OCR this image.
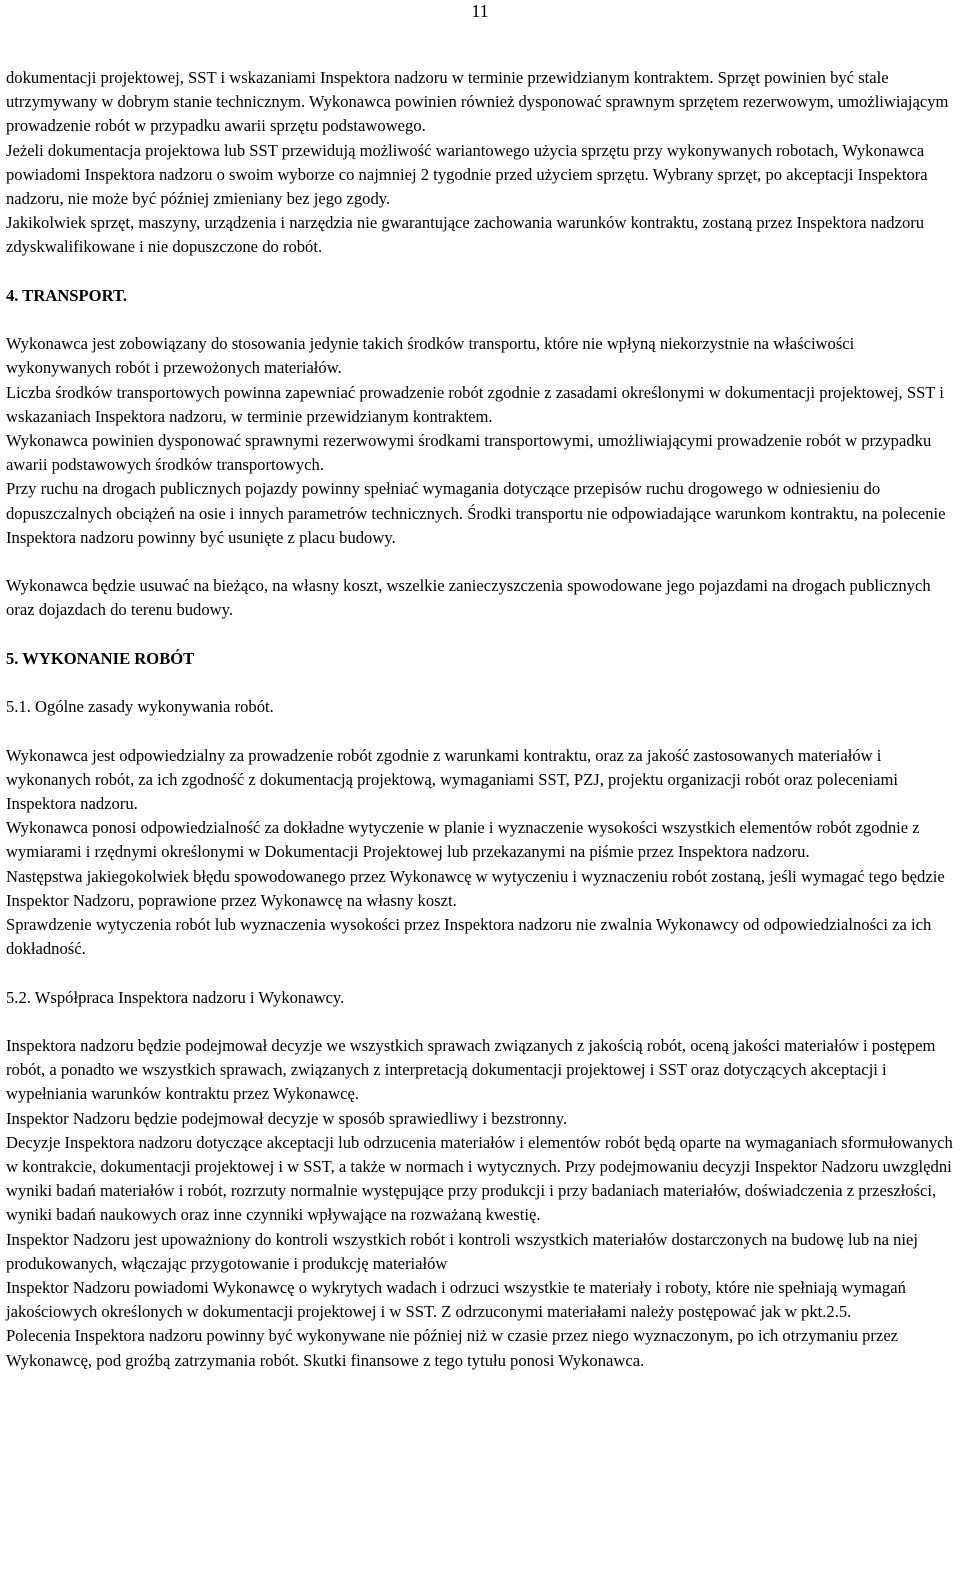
11

dokumentacji projektowej, SST i wskazaniami Inspektora nadzoru w terminie przewidzianym kontraktem. Sprzęt powinien być stale utrzymywany w dobrym stanie technicznym. Wykonawca powinien również dysponować sprawnym sprzętem rezerwowym, umożliwiającym prowadzenie robót w przypadku awarii sprzętu podstawowego.

Jeżeli dokumentacja projektowa lub SST przewidują możliwość wariantowego użycia sprzętu przy wykonywanych robotach, Wykonawca powiadomi Inspektora nadzoru o swoim wyborze co najmniej 2 tygodnie przed użyciem sprzętu. Wybrany sprzęt, po akceptacji Inspektora nadzoru, nie może być później zmieniany bez jego zgody.

Jakikolwiek sprzęt, maszyny, urządzenia i narzędzia nie gwarantujące zachowania warunków kontraktu, zostaną przez Inspektora nadzoru zdyskwalifikowane i nie dopuszczone do robót.

4. TRANSPORT.

Wykonawca jest zobowiązany do stosowania jedynie takich środków transportu, które nie wpłyną niekorzystnie na właściwości wykonywanych robót i przewożonych materiałów.

Liczba środków transportowych powinna zapewniać prowadzenie robót zgodnie z zasadami określonymi w dokumentacji projektowej, SST i wskazaniach Inspektora nadzoru, w terminie przewidzianym kontraktem.

Wykonawca powinien dysponować sprawnymi rezerwowymi środkami transportowymi, umożliwiającymi prowadzenie robót w przypadku awarii podstawowych środków transportowych.

Przy ruchu na drogach publicznych pojazdy powinny spełniać wymagania dotyczące przepisów ruchu drogowego w odniesieniu do dopuszczalnych obciążeń na osie i innych parametrów technicznych. Środki transportu nie odpowiadające warunkom kontraktu, na polecenie Inspektora nadzoru powinny być usunięte z placu budowy.

Wykonawca będzie usuwać na bieżąco, na własny koszt, wszelkie zanieczyszczenia spowodowane jego pojazdami na drogach publicznych oraz dojazdach do terenu budowy.

5. WYKONANIE ROBÓT

5.1. Ogólne zasady wykonywania robót.

Wykonawca jest odpowiedzialny za prowadzenie robót zgodnie z warunkami kontraktu, oraz za jakość zastosowanych materiałów i wykonanych robót, za ich zgodność z dokumentacją projektową, wymaganiami SST, PZJ, projektu organizacji robót oraz poleceniami Inspektora nadzoru.

Wykonawca ponosi odpowiedzialność za dokładne wytyczenie w planie i wyznaczenie wysokości wszystkich elementów robót zgodnie z wymiarami i rzędnymi określonymi w Dokumentacji Projektowej lub przekazanymi na piśmie przez Inspektora nadzoru.

Następstwa jakiegokolwiek błędu spowodowanego przez Wykonawcę w wytyczeniu i wyznaczeniu robót zostaną, jeśli wymagać tego będzie Inspektor Nadzoru, poprawione przez Wykonawcę na własny koszt.

Sprawdzenie wytyczenia robót lub wyznaczenia wysokości przez Inspektora nadzoru nie zwalnia Wykonawcy od odpowiedzialności za ich dokładność.

5.2. Współpraca Inspektora nadzoru i Wykonawcy.

Inspektora nadzoru będzie podejmował decyzje we wszystkich sprawach związanych z jakością robót, oceną jakości materiałów i postępem robót, a ponadto we wszystkich sprawach, związanych z interpretacją dokumentacji projektowej i SST oraz dotyczących akceptacji i wypełniania warunków kontraktu przez Wykonawcę.

Inspektor Nadzoru będzie podejmował decyzje w sposób sprawiedliwy i bezstronny.

Decyzje Inspektora nadzoru dotyczące akceptacji lub odrzucenia materiałów i elementów robót będą oparte na wymaganiach sformułowanych w kontrakcie, dokumentacji projektowej i w SST, a także w normach i wytycznych. Przy podejmowaniu decyzji Inspektor Nadzoru uwzględni wyniki badań materiałów i robót, rozrzuty normalnie występujące przy produkcji i przy badaniach materiałów, doświadczenia z przeszłości, wyniki badań naukowych oraz inne czynniki wpływające na rozważaną kwestię.

Inspektor Nadzoru jest upoważniony do kontroli wszystkich robót i kontroli wszystkich materiałów dostarczonych na budowę lub na niej produkowanych, włączając przygotowanie i produkcję materiałów

Inspektor Nadzoru powiadomi Wykonawcę o wykrytych wadach i odrzuci wszystkie te materiały i roboty, które nie spełniają wymagań jakościowych określonych w dokumentacji projektowej i w SST. Z odrzuconymi materiałami należy postępować jak w pkt.2.5.

Polecenia Inspektora nadzoru powinny być wykonywane nie później niż w czasie przez niego wyznaczonym, po ich otrzymaniu przez Wykonawcę, pod groźbą zatrzymania robót. Skutki finansowe z tego tytułu ponosi Wykonawca.
